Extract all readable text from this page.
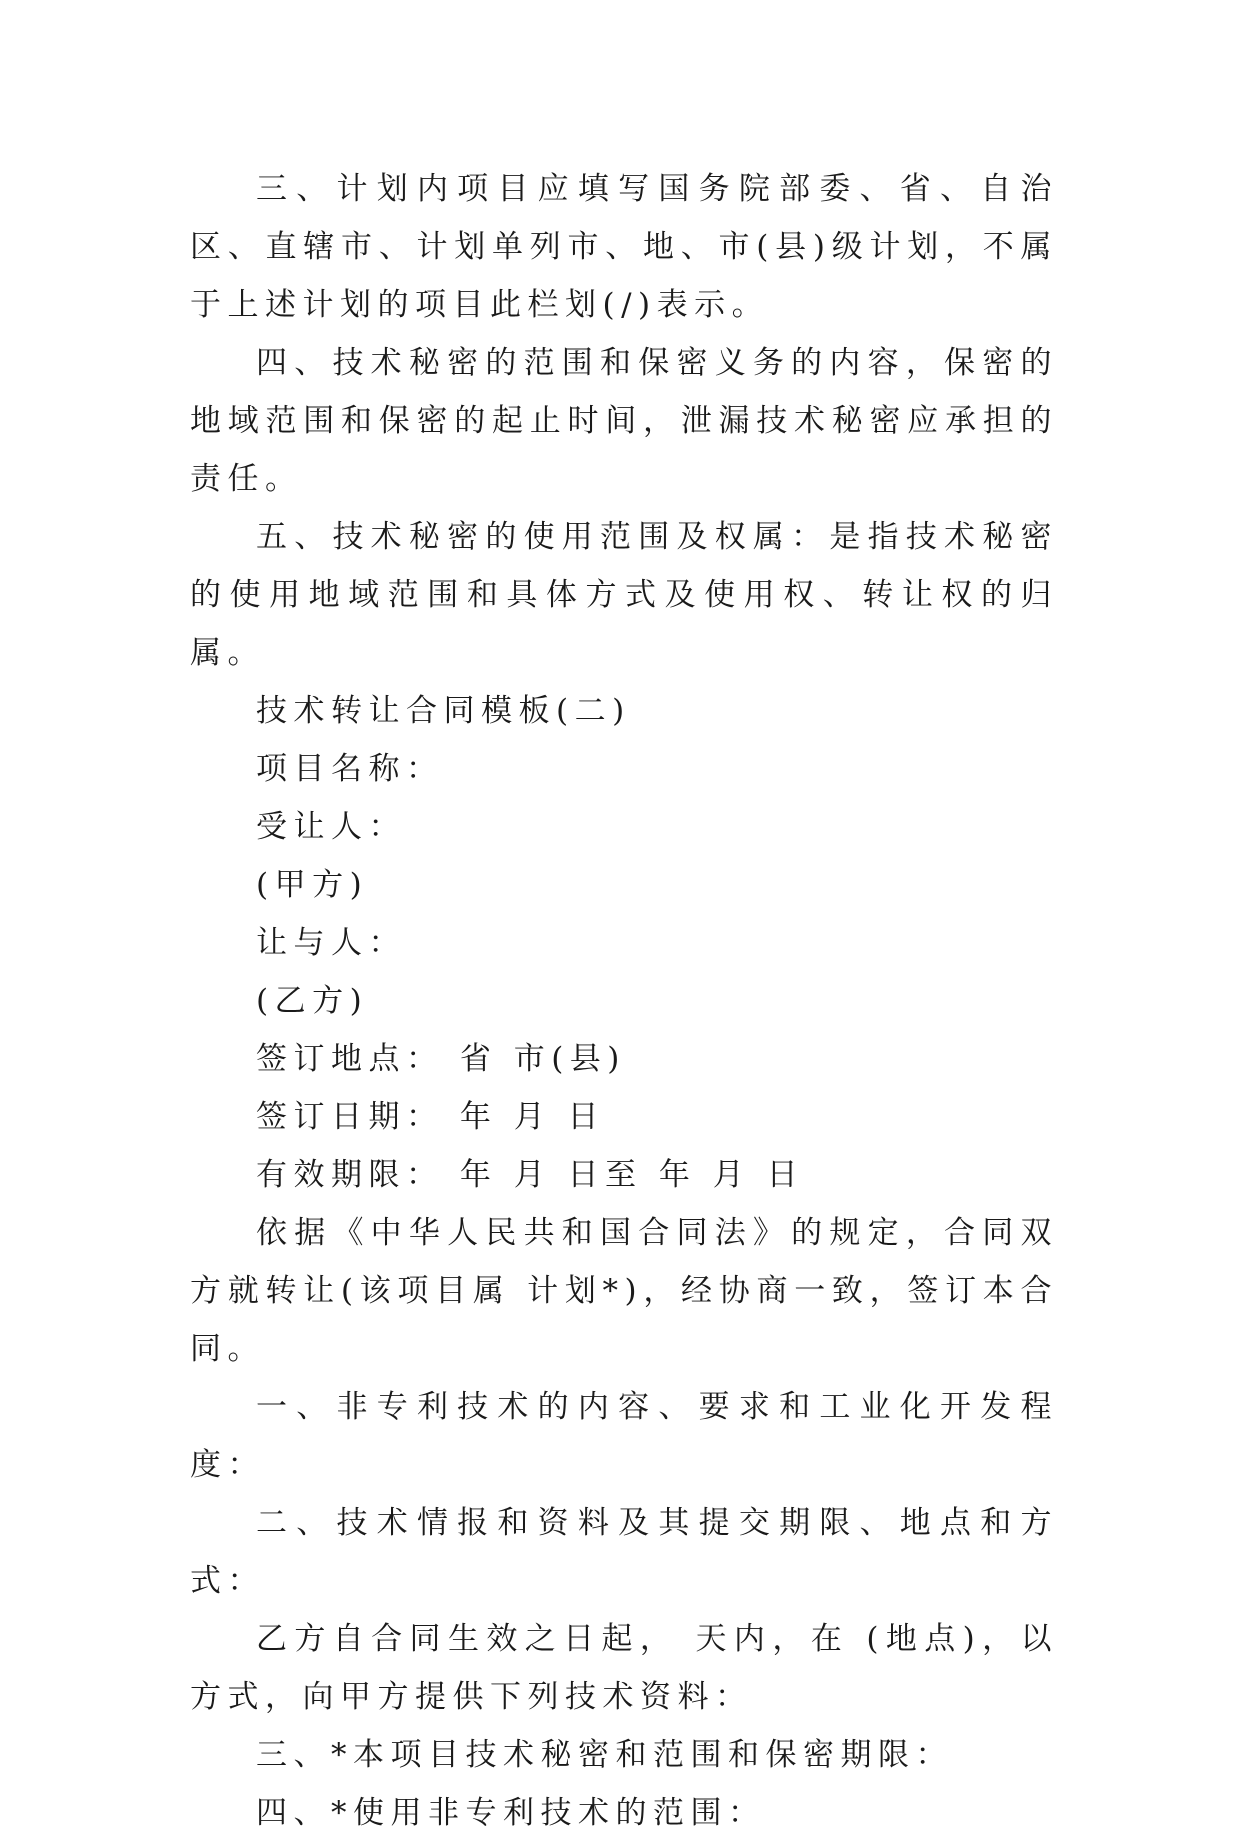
三、计划内项目应填写国务院部委、省、自治区、直辖市、计划单列市、地、市(县)级计划，不属于上述计划的项目此栏划(/)表示。

四、技术秘密的范围和保密义务的内容，保密的地域范围和保密的起止时间，泄漏技术秘密应承担的责任。

五、技术秘密的使用范围及权属：是指技术秘密的使用地域范围和具体方式及使用权、转让权的归属。

技术转让合同模板(二)

项目名称：

受让人：

(甲方)

让与人：

(乙方)

签订地点： 省 市(县)

签订日期： 年 月 日

有效期限： 年 月 日至 年 月 日

依据《中华人民共和国合同法》的规定，合同双方就转让(该项目属 计划*)，经协商一致，签订本合同。

一、非专利技术的内容、要求和工业化开发程度：

二、技术情报和资料及其提交期限、地点和方式：

乙方自合同生效之日起， 天内，在 (地点)，以 方式，向甲方提供下列技术资料：

三、*本项目技术秘密和范围和保密期限：

四、*使用非专利技术的范围：
